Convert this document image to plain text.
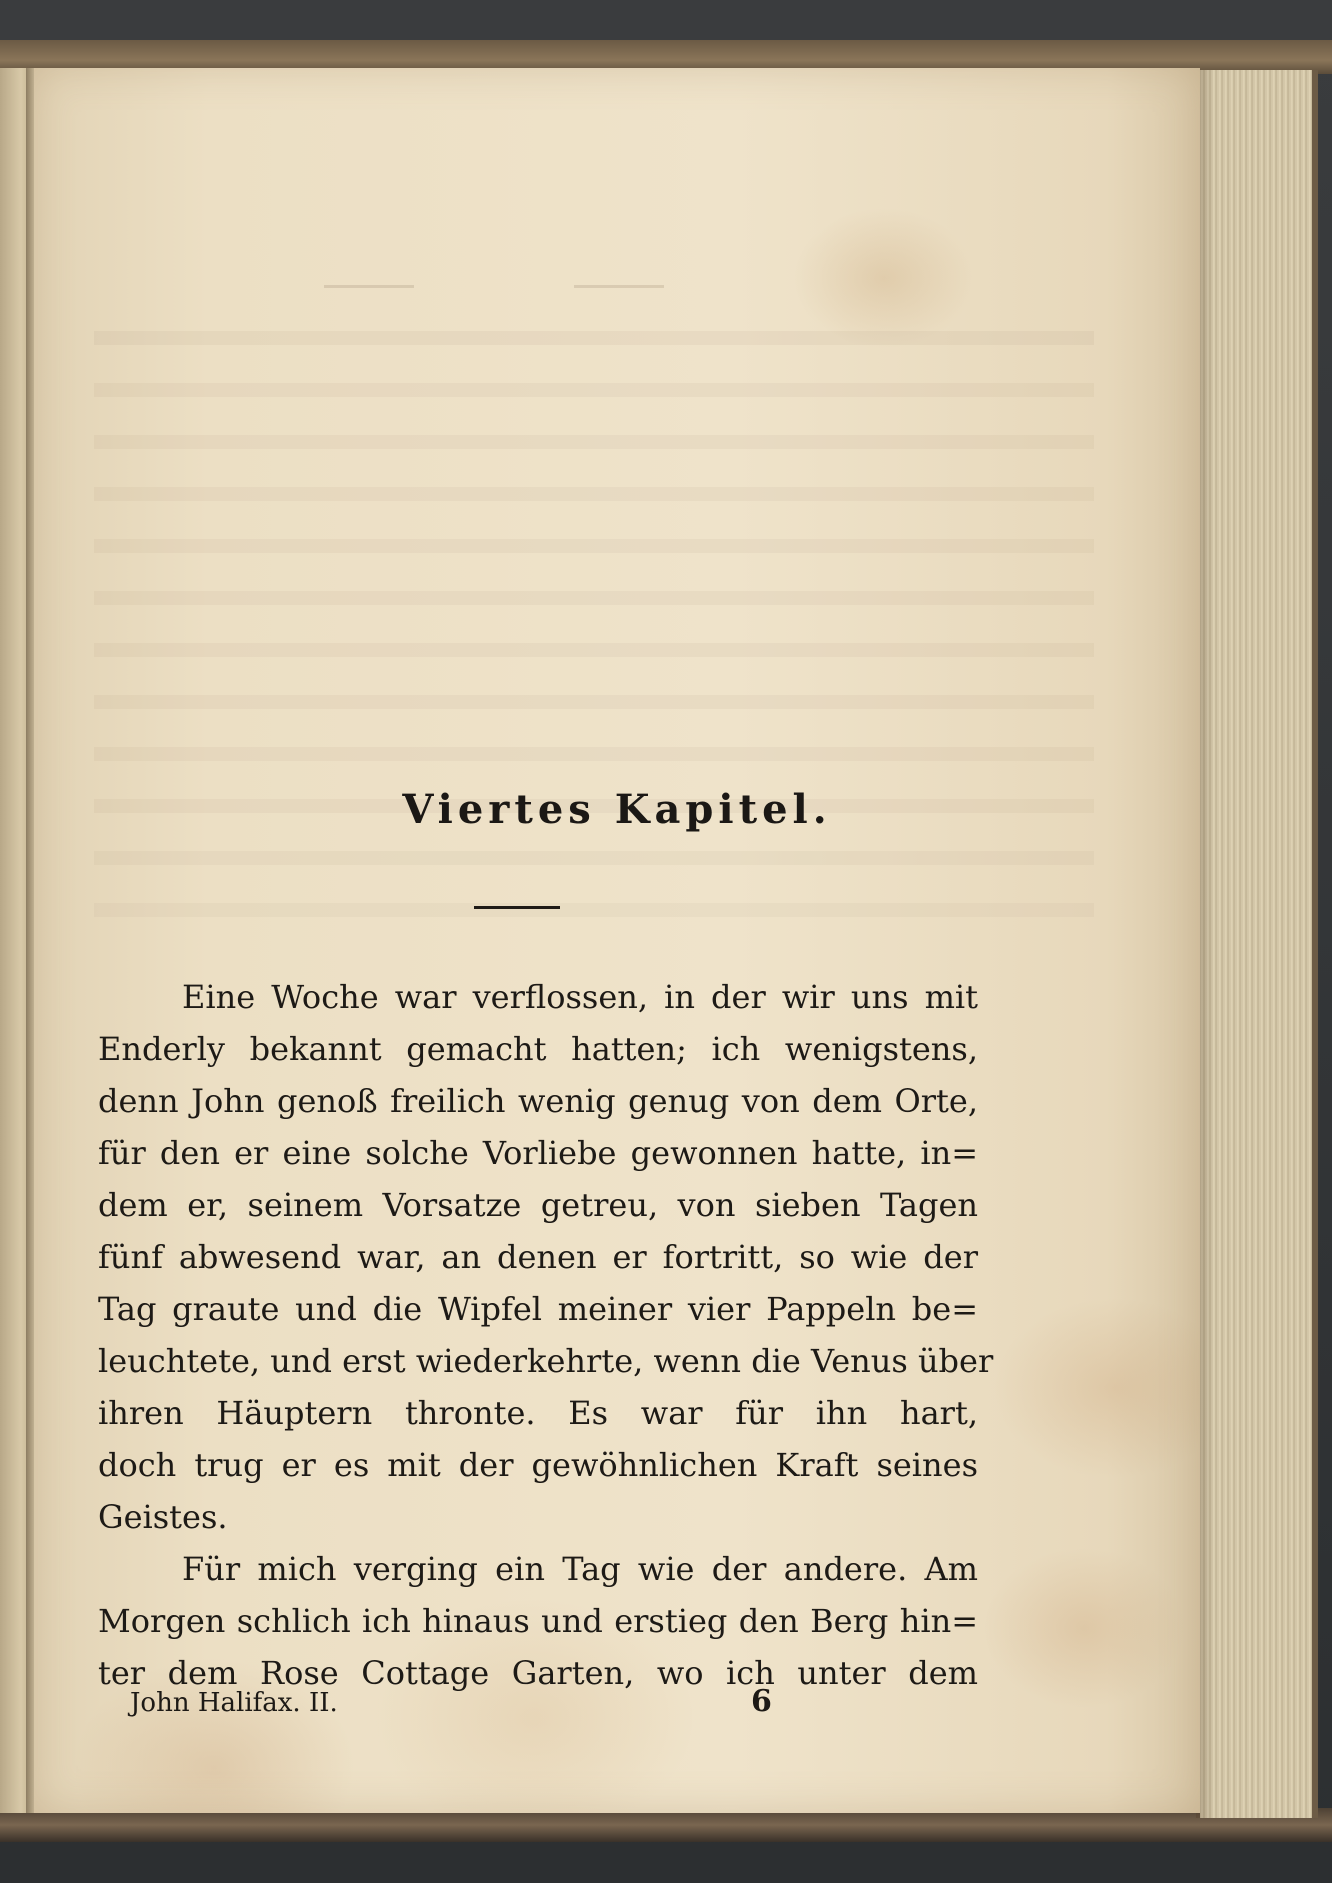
Viertes Kapitel.
Eine Woche war verflossen, in der wir uns mit
Enderly bekannt gemacht hatten; ich wenigstens,
denn John genoß freilich wenig genug von dem Orte,
für den er eine solche Vorliebe gewonnen hatte, in=
dem er, seinem Vorsatze getreu, von sieben Tagen
fünf abwesend war, an denen er fortritt, so wie der
Tag graute und die Wipfel meiner vier Pappeln be=
leuchtete, und erst wiederkehrte, wenn die Venus über
ihren Häuptern thronte. Es war für ihn hart,
doch trug er es mit der gewöhnlichen Kraft seines
Geistes.
Für mich verging ein Tag wie der andere. Am
Morgen schlich ich hinaus und erstieg den Berg hin=
ter dem Rose Cottage Garten, wo ich unter dem
John Halifax. II.	6
